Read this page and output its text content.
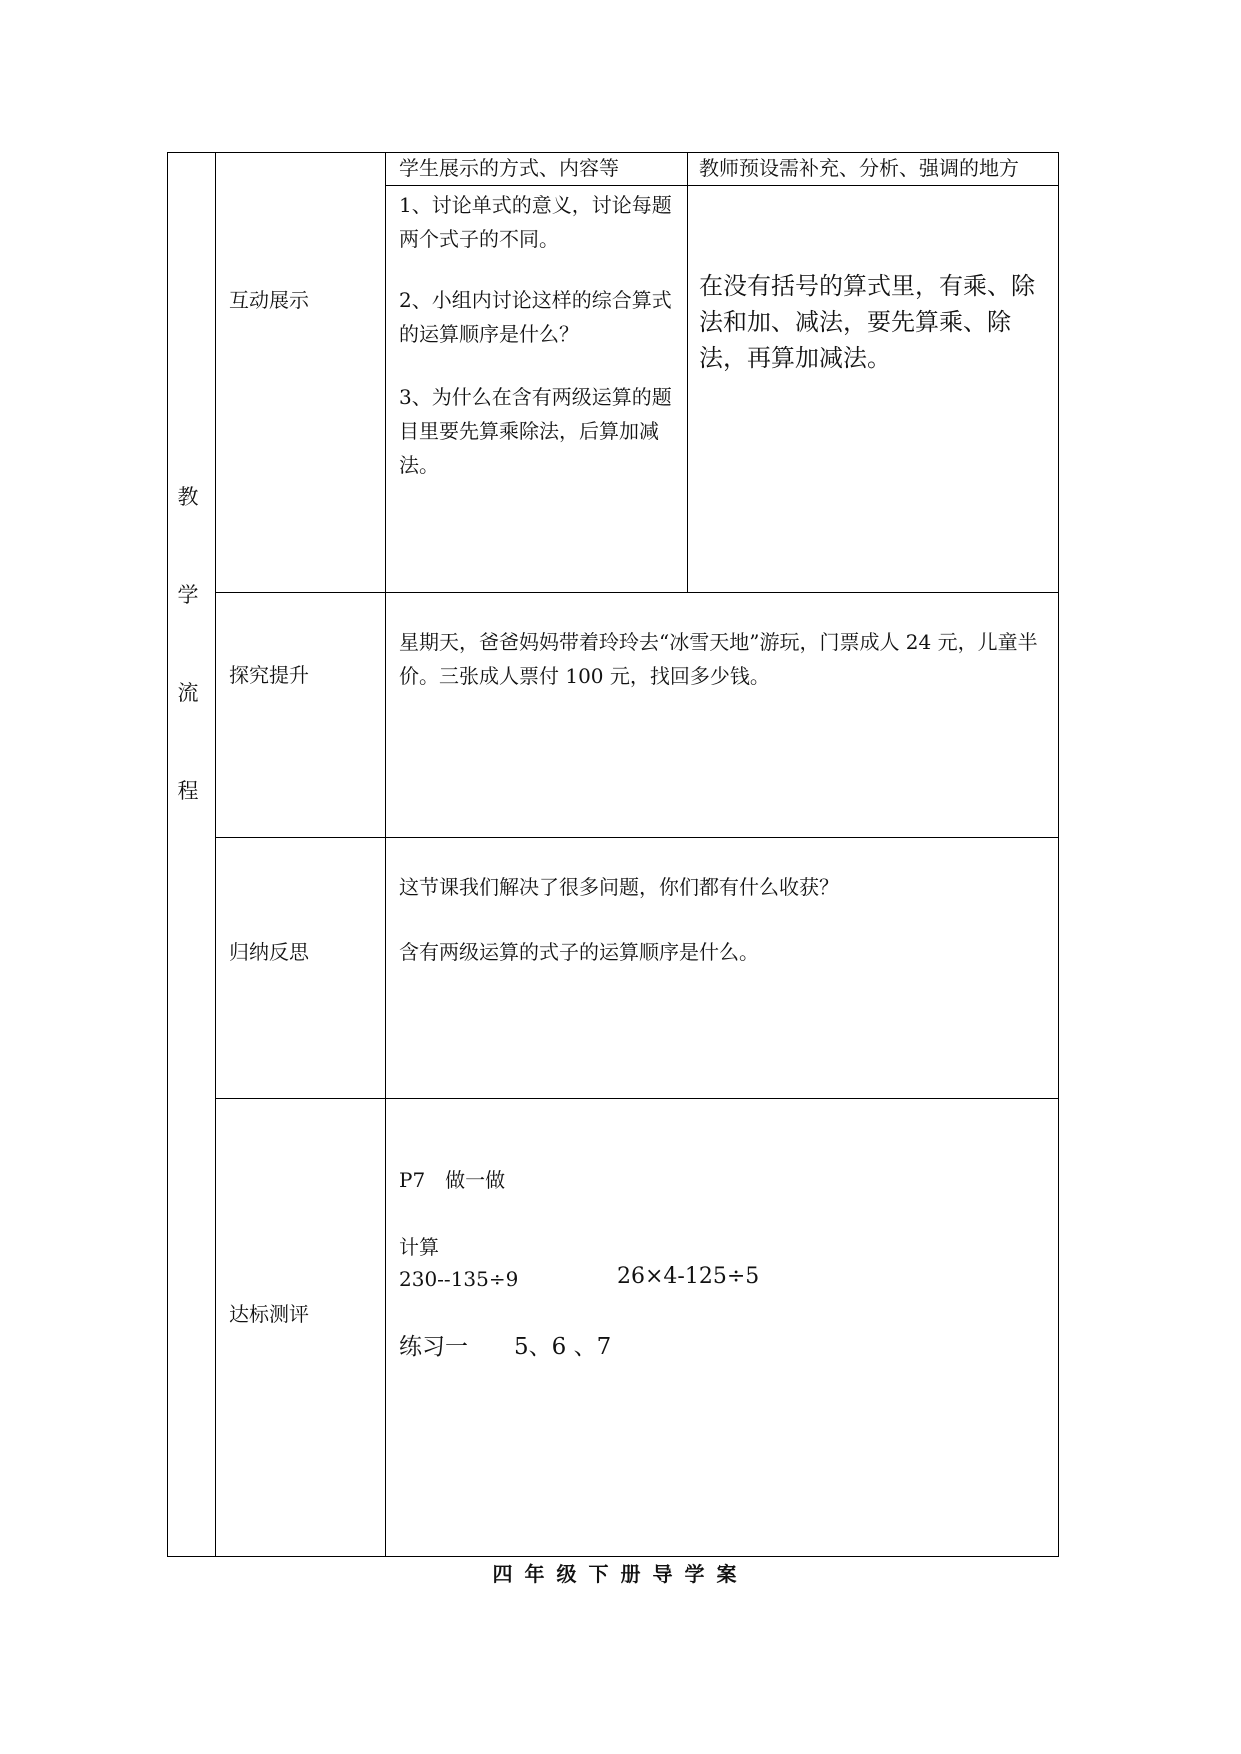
教
学
流
程
学生展示的方式、内容等	教师预设需补充、分析、强调的地方
互动展示
1、讨论单式的意义，讨论每题两个式子的不同。
2、小组内讨论这样的综合算式的运算顺序是什么？
3、为什么在含有两级运算的题目里要先算乘除法，后算加减法。
在没有括号的算式里，有乘、除法和加、减法，要先算乘、除法，再算加减法。
探究提升
星期天，爸爸妈妈带着玲玲去“冰雪天地”游玩，门票成人 24 元，儿童半价。三张成人票付 100 元，找回多少钱。
归纳反思
这节课我们解决了很多问题，你们都有什么收获？
含有两级运算的式子的运算顺序是什么。
达标测评
P7　做一做
计算
230--135÷9	26×4-125÷5
练习一　　5、6 、7
四年级下册导学案
